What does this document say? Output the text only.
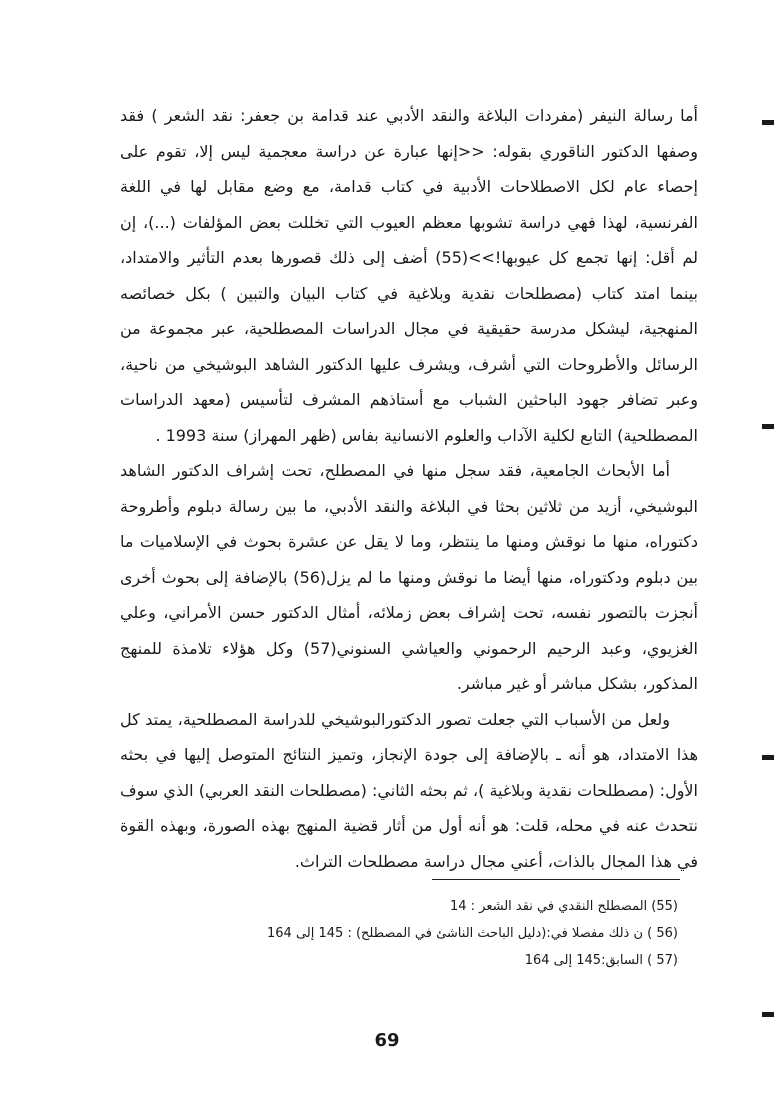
أما رسالة النيفر (مفردات البلاغة والنقد الأدبي عند قدامة بن جعفر: نقد الشعر ) فقد وصفها الدكتور الناقوري بقوله: <<إنها عبارة عن دراسة معجمية ليس إلا، تقوم على إحصاء عام لكل الاصطلاحات الأدبية في كتاب قدامة، مع وضع مقابل لها في اللغة الفرنسية، لهذا فهي دراسة تشوبها معظم العيوب التي تخللت بعض المؤلفات (...)، إن لم أقل: إنها تجمع كل عيوبها!>>(55) أضف إلى ذلك قصورها بعدم التأثير والامتداد، بينما امتد كتاب (مصطلحات نقدية وبلاغية في كتاب البيان والتبين ) بكل خصائصه المنهجية، ليشكل مدرسة حقيقية في مجال الدراسات المصطلحية، عبر مجموعة من الرسائل والأطروحات التي أشرف، ويشرف عليها الدكتور الشاهد البوشيخي من ناحية، وعبر تضافر جهود الباحثين الشباب مع أستاذهم المشرف لتأسيس (معهد الدراسات المصطلحية) التابع لكلية الآداب والعلوم الانسانية بفاس (ظهر المهراز) سنة 1993 .

أما الأبحاث الجامعية، فقد سجل منها في المصطلح، تحت إشراف الدكتور الشاهد البوشيخي، أزيد من ثلاثين بحثا في البلاغة والنقد الأدبي، ما بين رسالة دبلوم وأطروحة دكتوراه، منها ما نوقش ومنها ما ينتظر، وما لا يقل عن عشرة بحوث في الإسلاميات ما بين دبلوم ودكتوراه، منها أيضا ما نوقش ومنها ما لم يزل(56) بالإضافة إلى بحوث أخرى أنجزت بالتصور نفسه، تحت إشراف بعض زملائه، أمثال الدكتور حسن الأمراني، وعلي الغزيوي، وعبد الرحيم الرحموني والعياشي السنوني(57) وكل هؤلاء تلامذة للمنهج المذكور، بشكل مباشر أو غير مباشر.

ولعل من الأسباب التي جعلت تصور الدكتورالبوشيخي للدراسة المصطلحية، يمتد كل هذا الامتداد، هو أنه ـ بالإضافة إلى جودة الإنجاز، وتميز النتائج المتوصل إليها في بحثه الأول: (مصطلحات نقدية وبلاغية )، ثم بحثه الثاني: (مصطلحات النقد العربي) الذي سوف نتحدث عنه في محله، قلت: هو أنه أول من أثار قضية المنهج بهذه الصورة، وبهذه القوة في هذا المجال بالذات، أعني مجال دراسة مصطلحات التراث.

(55) المصطلح النقدي في نقد الشعر : 14

(56 ) ن ذلك مفصلا في:(دليل الباحث الناشئ في المصطلح) : 145 إلى 164

(57 ) السابق:145 إلى 164

69
